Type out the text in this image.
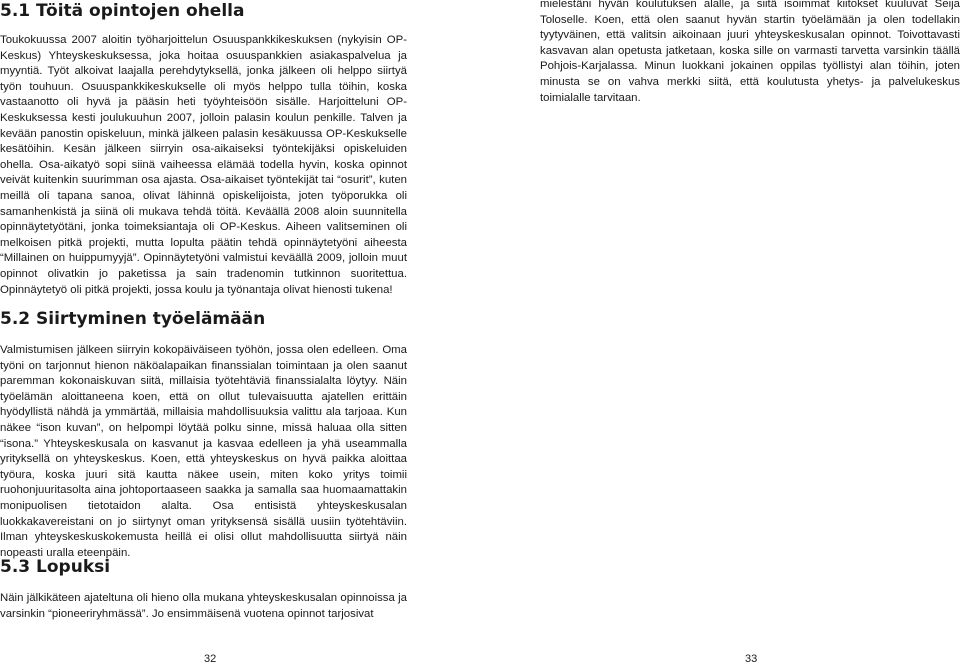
5.1 Töitä opintojen ohella

Toukokuussa 2007 aloitin työharjoittelun Osuuspankkikeskuksen (nykyisin OP-Keskus) Yhteyskeskuksessa, joka hoitaa osuuspankkien asiakaspalvelua ja myyntiä. Työt alkoivat laajalla perehdytyksellä, jonka jälkeen oli helppo siirtyä työn touhuun. Osuuspankkikeskukselle oli myös helppo tulla töihin, koska vastaanotto oli hyvä ja pääsin heti työyhteisöön sisälle. Harjoitteluni OP-Keskuksessa kesti joulukuuhun 2007, jolloin palasin koulun penkille. Talven ja kevään panostin opiskeluun, minkä jälkeen palasin kesäkuussa OP-Keskukselle kesätöihin. Kesän jälkeen siirryin osa-aikaiseksi työntekijäksi opiskeluiden ohella. Osa-aikatyö sopi siinä vaiheessa elämää todella hyvin, koska opinnot veivät kuitenkin suurimman osa ajasta. Osa-aikaiset työntekijät tai “osurit”, kuten meillä oli tapana sanoa, olivat lähinnä opiskelijoista, joten työporukka oli samanhenkistä ja siinä oli mukava tehdä töitä. Keväällä 2008 aloin suunnitella opinnäytetyötäni, jonka toimeksiantaja oli OP-Keskus. Aiheen valitseminen oli melkoisen pitkä projekti, mutta lopulta päätin tehdä opinnäytetyöni aiheesta “Millainen on huippumyyjä”. Opinnäytetyöni valmistui keväällä 2009, jolloin muut opinnot olivatkin jo paketissa ja sain tradenomin tutkinnon suoritettua. Opinnäytetyö oli pitkä projekti, jossa koulu ja työnantaja olivat hienosti tukena!

5.2 Siirtyminen työelämään

Valmistumisen jälkeen siirryin kokopäiväiseen työhön, jossa olen edelleen. Oma työni on tarjonnut hienon näköalapaikan finanssialan toimintaan ja olen saanut paremman kokonaiskuvan siitä, millaisia työtehtäviä finanssialalta löytyy. Näin työelämän aloittaneena koen, että on ollut tulevaisuutta ajatellen erittäin hyödyllistä nähdä ja ymmärtää, millaisia mahdollisuuksia valittu ala tarjoaa. Kun näkee “ison kuvan”, on helpompi löytää polku sinne, missä haluaa olla sitten “isona.” Yhteyskeskusala on kasvanut ja kasvaa edelleen ja yhä useammalla yrityksellä on yhteyskeskus. Koen, että yhteyskeskus on hyvä paikka aloittaa työura, koska juuri sitä kautta näkee usein, miten koko yritys toimii ruohonjuuritasolta aina johtoportaaseen saakka ja samalla saa huomaamattakin monipuolisen tietotaidon alalta. Osa entisistä yhteyskeskusalan luokkakavereistani on jo siirtynyt oman yrityksensä sisällä uusiin työtehtäviin. Ilman yhteyskeskuskokemusta heillä ei olisi ollut mahdollisuutta siirtyä näin nopeasti uralla eteenpäin.

5.3 Lopuksi

Näin jälkikäteen ajateltuna oli hieno olla mukana yhteyskeskusalan opinnoissa ja varsinkin “pioneeriryhmässä”. Jo ensimmäisenä vuotena opinnot tarjosivat

mielestäni hyvän koulutuksen alalle, ja siitä isoimmat kiitokset kuuluvat Seija Toloselle. Koen, että olen saanut hyvän startin työelämään ja olen todellakin tyytyväinen, että valitsin aikoinaan juuri yhteyskeskusalan opinnot. Toivottavasti kasvavan alan opetusta jatketaan, koska sille on varmasti tarvetta varsinkin täällä Pohjois-Karjalassa. Minun luokkani jokainen oppilas työllistyi alan töihin, joten minusta se on vahva merkki siitä, että koulutusta yhetys- ja palvelukeskus toimialalle tarvitaan.

32	33
